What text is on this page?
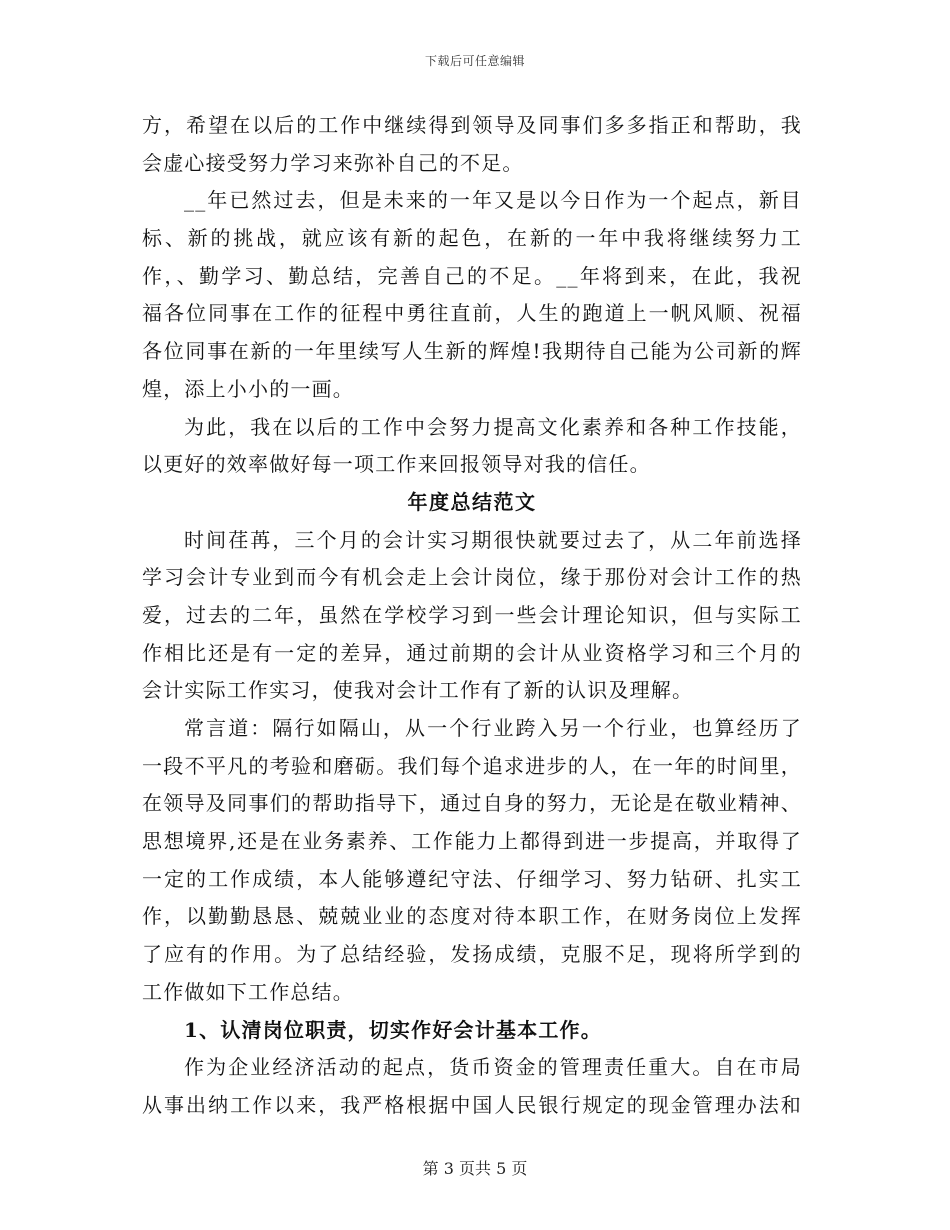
下载后可任意编辑
方，希望在以后的工作中继续得到领导及同事们多多指正和帮助，我
会虚心接受努力学习来弥补自己的不足。
__年已然过去，但是未来的一年又是以今日作为一个起点，新目
标、新的挑战，就应该有新的起色，在新的一年中我将继续努力工
作，、勤学习、勤总结，完善自己的不足。__年将到来，在此，我祝
福各位同事在工作的征程中勇往直前，人生的跑道上一帆风顺、祝福
各位同事在新的一年里续写人生新的辉煌!我期待自己能为公司新的辉
煌，添上小小的一画。
为此，我在以后的工作中会努力提高文化素养和各种工作技能，
以更好的效率做好每一项工作来回报领导对我的信任。
年度总结范文
时间荏苒，三个月的会计实习期很快就要过去了，从二年前选择
学习会计专业到而今有机会走上会计岗位，缘于那份对会计工作的热
爱，过去的二年，虽然在学校学习到一些会计理论知识，但与实际工
作相比还是有一定的差异，通过前期的会计从业资格学习和三个月的
会计实际工作实习，使我对会计工作有了新的认识及理解。
常言道：隔行如隔山，从一个行业跨入另一个行业，也算经历了
一段不平凡的考验和磨砺。我们每个追求进步的人，在一年的时间里，
在领导及同事们的帮助指导下，通过自身的努力，无论是在敬业精神、
思想境界,还是在业务素养、工作能力上都得到进一步提高，并取得了
一定的工作成绩，本人能够遵纪守法、仔细学习、努力钻研、扎实工
作，以勤勤恳恳、兢兢业业的态度对待本职工作，在财务岗位上发挥
了应有的作用。为了总结经验，发扬成绩，克服不足，现将所学到的
工作做如下工作总结。
1、认清岗位职责，切实作好会计基本工作。
作为企业经济活动的起点，货币资金的管理责任重大。自在市局
从事出纳工作以来，我严格根据中国人民银行规定的现金管理办法和
第 3 页共 5 页
